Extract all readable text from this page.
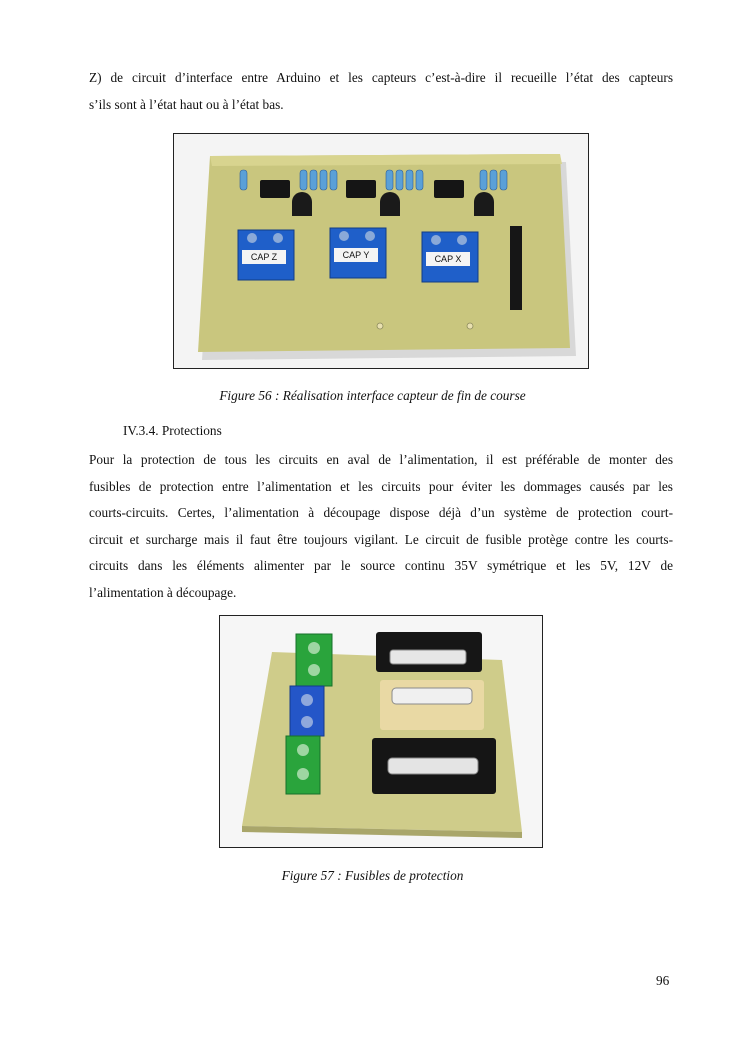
Z) de circuit d’interface entre Arduino et les capteurs c’est-à-dire il recueille l’état des capteurs
s’ils sont à l’état haut ou à l’état bas.
CAP Z	CAP Y	CAP X
Figure 56 : Réalisation interface capteur de fin de course
IV.3.4. Protections
Pour la protection de tous les circuits en aval de l’alimentation, il est préférable de monter des
fusibles de protection entre l’alimentation et les circuits pour éviter les dommages causés par les
courts-circuits. Certes, l’alimentation à découpage dispose déjà d’un système de protection court-
circuit et surcharge mais il faut être toujours vigilant. Le circuit de fusible protège contre les courts-
circuits dans les éléments alimenter par le source continu 35V symétrique et les 5V, 12V de
l’alimentation à découpage.
Figure 57 : Fusibles de protection
96
